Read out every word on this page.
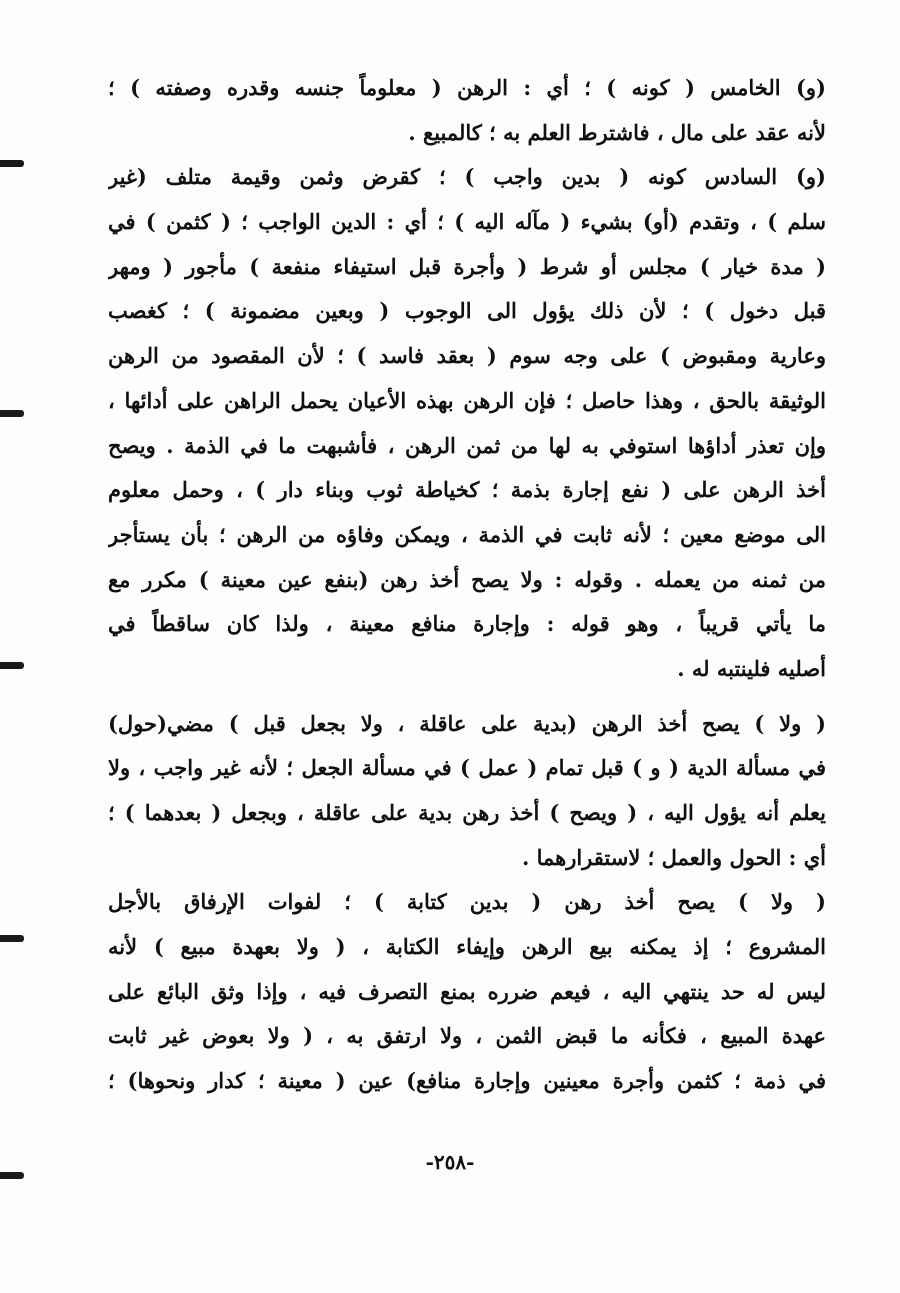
(و) الخامس ( كونه ) ؛ أي : الرهن ( معلوماً جنسه وقدره وصفته ) ؛
لأنه عقد على مال ، فاشترط العلم به ؛ كالمبيع .
(و) السادس كونه ( بدين واجب ) ؛ كقرض وثمن وقيمة متلف (غير
سلم ) ، وتقدم (أو) بشيء ( مآله اليه ) ؛ أي : الدين الواجب ؛ ( كثمن ) في
( مدة خيار ) مجلس أو شرط ( وأجرة قبل استيفاء منفعة ) مأجور ( ومهر
قبل دخول ) ؛ لأن ذلك يؤول الى الوجوب ( وبعين مضمونة ) ؛ كغصب
وعارية ومقبوض ) على وجه سوم ( بعقد فاسد ) ؛ لأن المقصود من الرهن
الوثيقة بالحق ، وهذا حاصل ؛ فإن الرهن بهذه الأعيان يحمل الراهن على أدائها ،
وإن تعذر أداؤها استوفي به لها من ثمن الرهن ، فأشبهت ما في الذمة . ويصح
أخذ الرهن على ( نفع إجارة بذمة ؛ كخياطة ثوب وبناء دار ) ، وحمل معلوم
الى موضع معين ؛ لأنه ثابت في الذمة ، ويمكن وفاؤه من الرهن ؛ بأن يستأجر
من ثمنه من يعمله . وقوله : ولا يصح أخذ رهن (بنفع عين معينة ) مكرر مع
ما يأتي قريباً ، وهو قوله : وإجارة منافع معينة ، ولذا كان ساقطاً في
أصليه فلينتبه له .
( ولا ) يصح أخذ الرهن (بدية على عاقلة ، ولا بجعل قبل ) مضي(حول)
في مسألة الدية ( و ) قبل تمام ( عمل ) في مسألة الجعل ؛ لأنه غير واجب ، ولا
يعلم أنه يؤول اليه ، ( ويصح ) أخذ رهن بدية على عاقلة ، وبجعل ( بعدهما ) ؛
أي : الحول والعمل ؛ لاستقرارهما .
( ولا ) يصح أخذ رهن ( بدين كتابة ) ؛ لفوات الإرفاق بالأجل
المشروع ؛ إذ يمكنه بيع الرهن وإيفاء الكتابة ، ( ولا بعهدة مبيع ) لأنه
ليس له حد ينتهي اليه ، فيعم ضرره بمنع التصرف فيه ، وإذا وثق البائع على
عهدة المبيع ، فكأنه ما قبض الثمن ، ولا ارتفق به ، ( ولا بعوض غير ثابت
في ذمة ؛ كثمن وأجرة معينين وإجارة منافع) عين ( معينة ؛ كدار ونحوها) ؛
-٢٥٨-
